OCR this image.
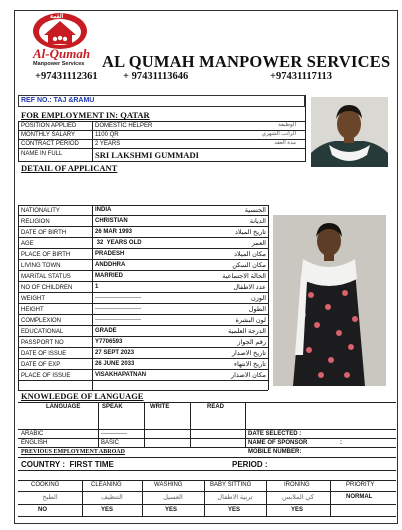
القمة
Al-Qumah
Manpower Services AL QUMAH MANPOWER SERVICES
+97431112361 + 97431113646	+97431117113
REF NO.: TAJ &RAMU
FOR EMPLOYMENT IN: QATAR
POSITION APPLIED	DOMESTIC HELPER	الوظيفة
MONTHLY SALARY	1100 QR	الراتب الشهري
CONTRACT PERIOD	2 YEARS	مدة العقد
NAME IN FULL	SRI LAKSHMI GUMMADI
DETAIL OF APPLICANT
NATIONALITY	INDIA	الجنسية
RELIGION	CHRISTIAN	الديانة
DATE OF BIRTH	26 MAR 1993	تاريخ الميلاد
AGE	32  YEARS OLD	العمر
PLACE OF BIRTH	PRADESH	مكان الميلاد
LIVING TOWN	ANDDHRA	مكان السكن
MARITAL STATUS	MARRIED	الحالة الاجتماعية
NO OF CHILDREN	1	عدد الاطفال
WEIGHT	-----------------------	الوزن
HEIGHT	-----------------------	الطول
COMPLEXION	-----------------------	لون البشرة
EDUCATIONAL	GRADE	الدرجة العلمية
PASSPORT NO	Y7706593	رقم الجواز
DATE OF ISSUE	27 SEPT 2023	تاريخ الاصدار
DATE OF EXP	26 JUNE 2033	تاريخ الانتهاء
PLACE OF ISSUE	VISAKHAPATNAN	مكان الاصدار
KNOWLEDGE OF LANGUAGE
LANGUAGE	SPEAK	WRITE	READ
ARABIC	-------------
ENGLISH	BASIC
DATE SELECTED :
NAME OF SPONSOR	:
MOBILE NUMBER:
PREVIOUS EMPLOYMENT ABROAD
COUNTRY :  FIRST TIME	PERIOD :
COOKING	CLEANING	WASHING	BABY SITTING	IRONING	PRIORITY
الطبخ	التنظيف	الغسيل	تربية الاطفال	كي الملابس	NORMAL
NO	YES	YES	YES	YES
